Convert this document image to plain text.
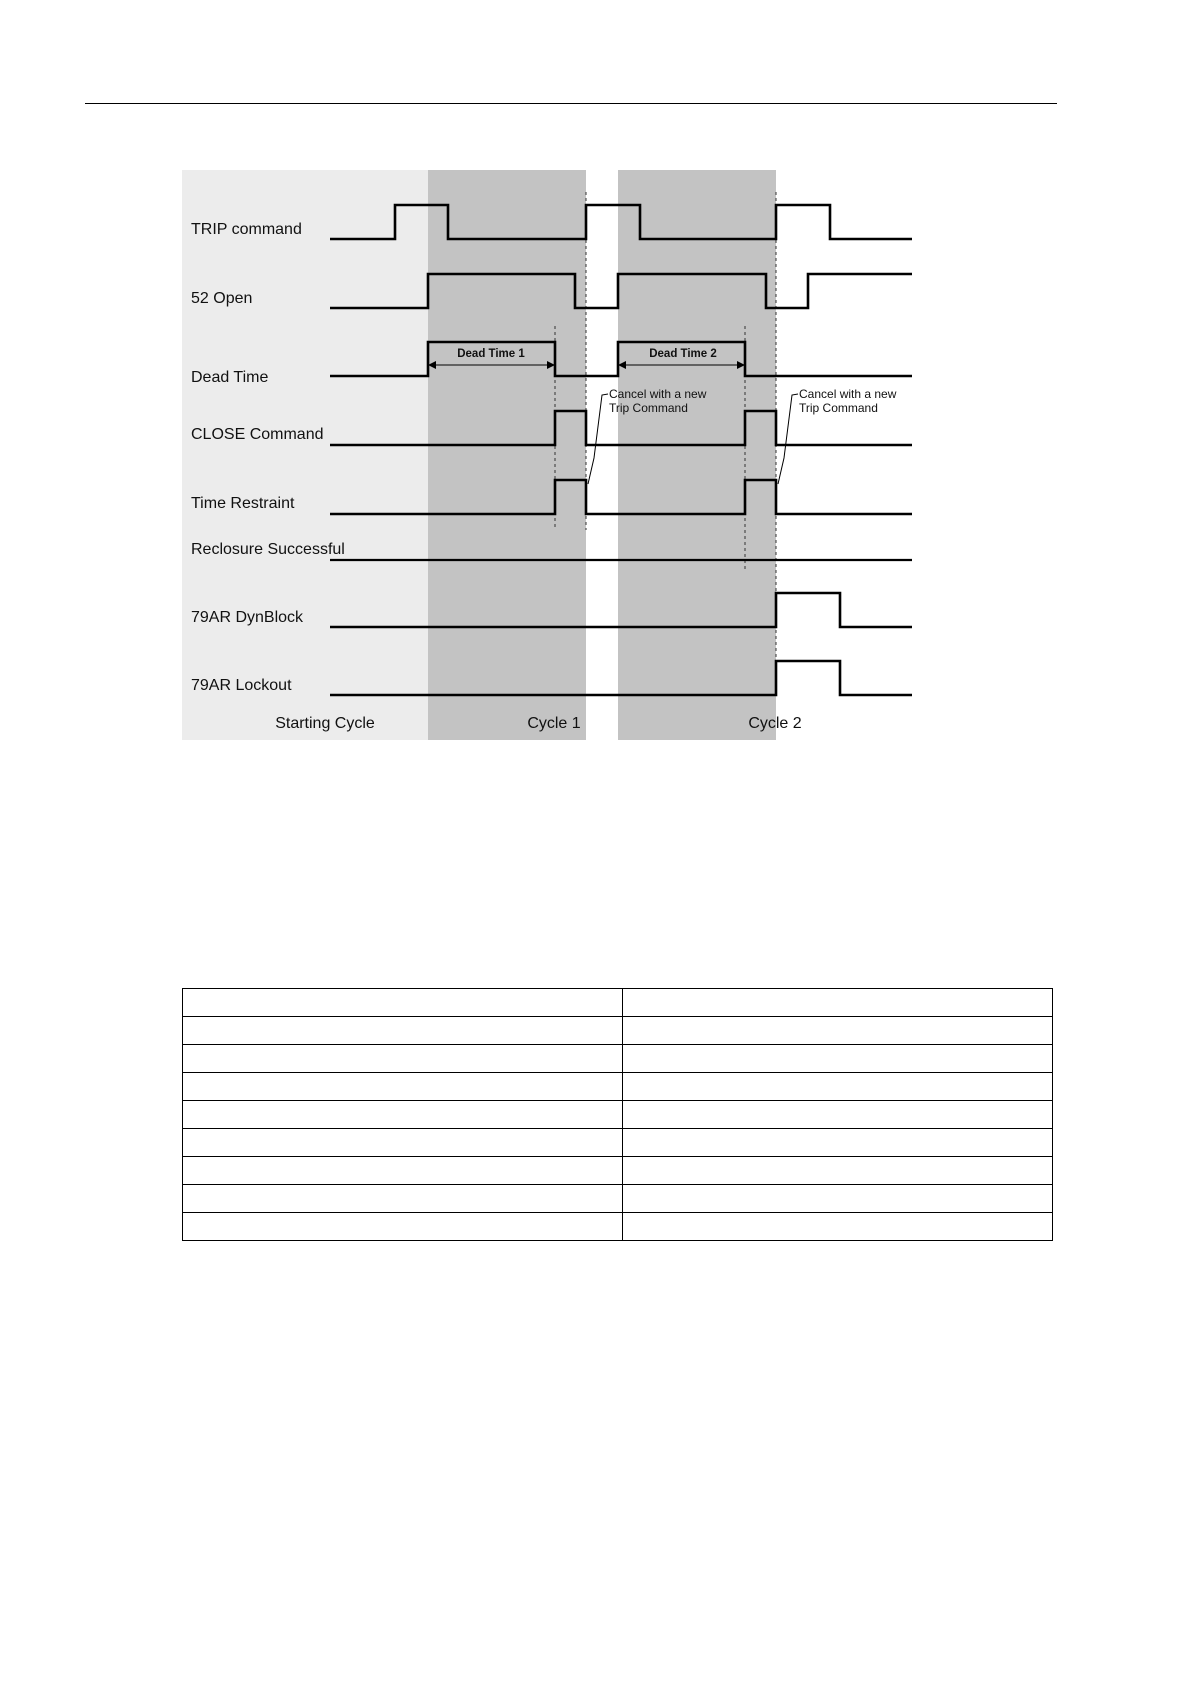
TRIP command
52 Open
Dead Time
CLOSE Command
Time Restraint
Reclosure Successful
79AR DynBlock
79AR Lockout
Dead Time 1	Dead Time 2
Cancel with a new
Trip Command
Cancel with a new
Trip Command
Starting Cycle	Cycle 1	Cycle 2
